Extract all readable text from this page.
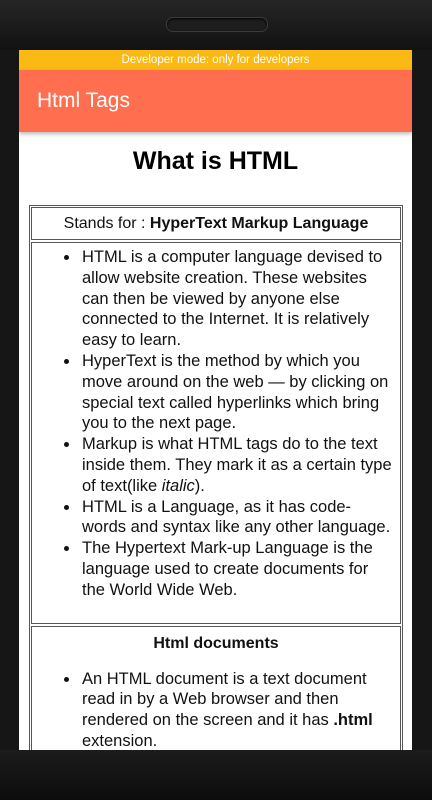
Developer mode: only for developers
Html Tags
What is HTML
Stands for : HyperText Markup Language
• HTML is a computer language devised to allow website creation. These websites can then be viewed by anyone else connected to the Internet. It is relatively easy to learn.
• HyperText is the method by which you move around on the web — by clicking on special text called hyperlinks which bring you to the next page.
• Markup is what HTML tags do to the text inside them. They mark it as a certain type of text(like italic).
• HTML is a Language, as it has code-words and syntax like any other language.
• The Hypertext Mark-up Language is the language used to create documents for the World Wide Web.
Html documents
• An HTML document is a text document read in by a Web browser and then rendered on the screen and it has .html extension.
